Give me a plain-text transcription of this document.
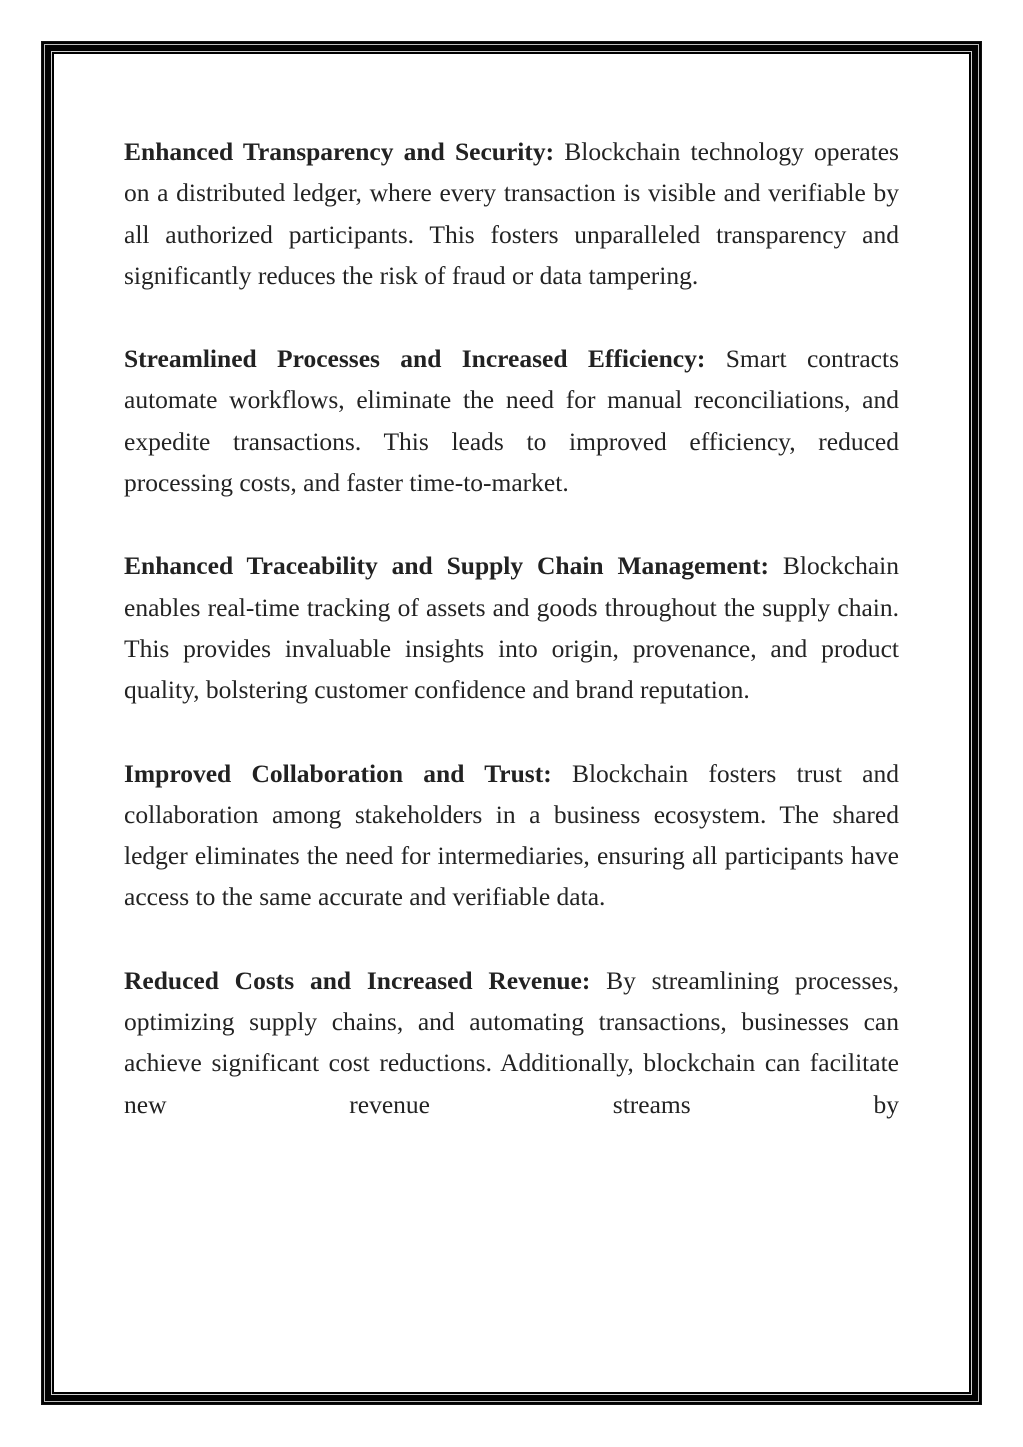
Enhanced Transparency and Security: Blockchain technology operates on a distributed ledger, where every transaction is visible and verifiable by all authorized participants. This fosters unparalleled transparency and significantly reduces the risk of fraud or data tampering.

Streamlined Processes and Increased Efficiency: Smart contracts automate workflows, eliminate the need for manual reconciliations, and expedite transactions. This leads to improved efficiency, reduced processing costs, and faster time-to-market.

Enhanced Traceability and Supply Chain Management: Blockchain enables real-time tracking of assets and goods throughout the supply chain. This provides invaluable insights into origin, provenance, and product quality, bolstering customer confidence and brand reputation.

Improved Collaboration and Trust: Blockchain fosters trust and collaboration among stakeholders in a business ecosystem. The shared ledger eliminates the need for intermediaries, ensuring all participants have access to the same accurate and verifiable data.

Reduced Costs and Increased Revenue: By streamlining processes, optimizing supply chains, and automating transactions, businesses can achieve significant cost reductions. Additionally, blockchain can facilitate new revenue streams by
